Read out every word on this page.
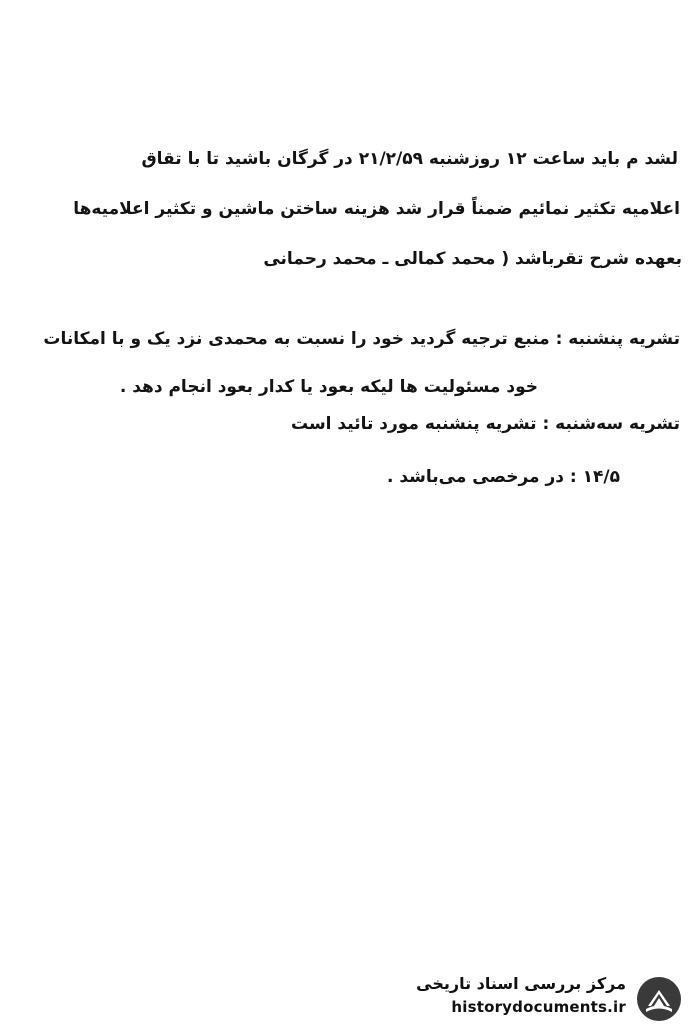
لشد م باید ساعت ۱۲ روزشنبه ۲۱/۲/۵۹ در گرگان باشید تا با تقاق
اعلامیه تکثیر نمائیم ضمناً قرار شد هزینه ساختن ماشین و تکثیر اعلامیه‌ها
بعهده شرح تقرباشد ( محمد کمالی ـ محمد رحمانی
تشریه پنشنبه : منبع ترجیه گردید خود را نسبت به محمدی نزد یک و با امکانات
خود مسئولیت ها لیکه بعود یا کدار بعود انجام دهد .
تشریه سه‌شنبه : تشریه پنشنبه مورد تائید است
۱۴/۵ : در مرخصی می‌باشد .
مرکز بررسی اسناد تاریخی
historydocuments.ir
